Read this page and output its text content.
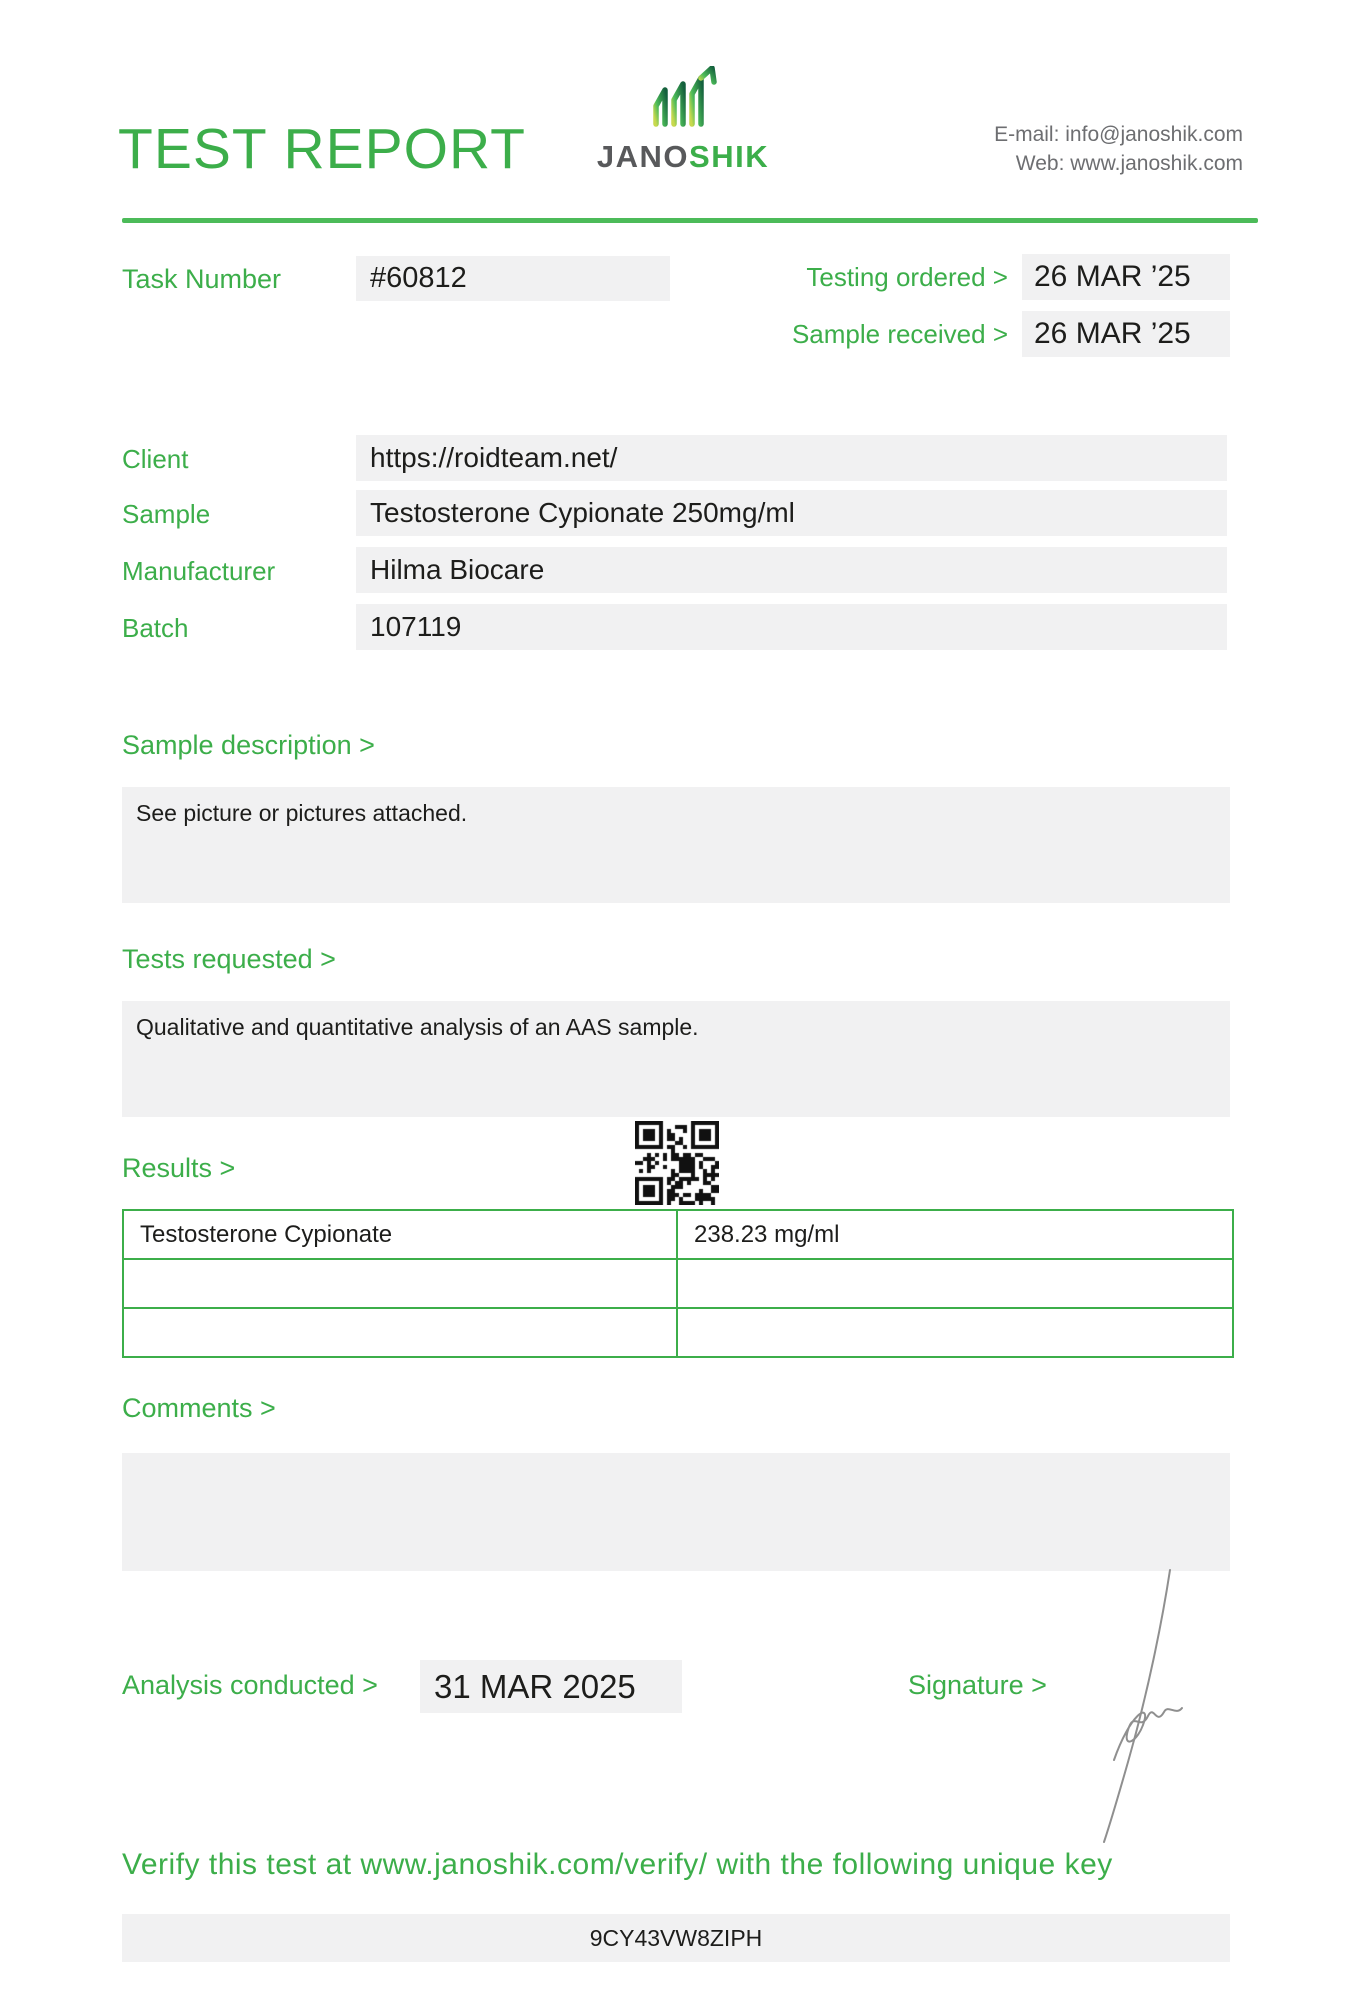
TEST REPORT JANOSHIK
E-mail: info@janoshik.com
Web: www.janoshik.com
Task Number	#60812	Testing ordered > 26 MAR ’25
Sample received > 26 MAR ’25
Client	https://roidteam.net/
Sample	Testosterone Cypionate 250mg/ml
Manufacturer	Hilma Biocare
Batch	107119
Sample description >
See picture or pictures attached.
Tests requested >
Qualitative and quantitative analysis of an AAS sample.
Results >
Testosterone Cypionate	238.23 mg/ml

Comments >
Analysis conducted >	31 MAR 2025	Signature >
Verify this test at www.janoshik.com/verify/ with the following unique key
9CY43VW8ZIPH
